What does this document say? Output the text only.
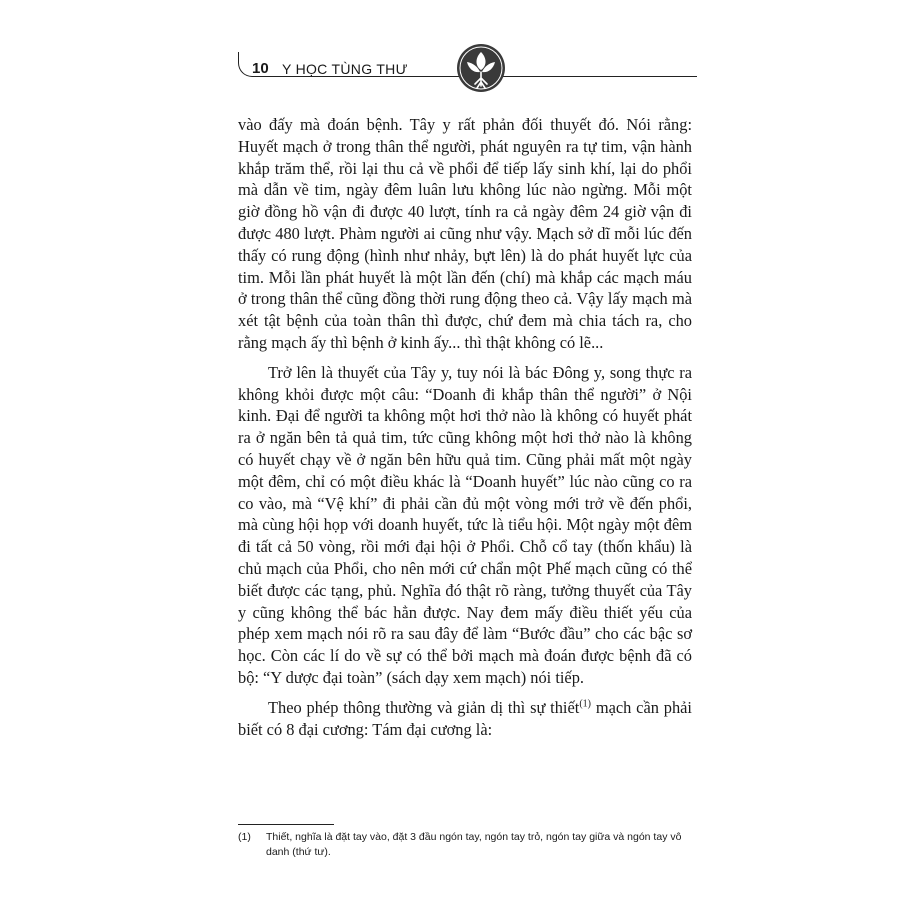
10 Y HỌC TÙNG THƯ

vào đấy mà đoán bệnh. Tây y rất phản đối thuyết đó. Nói rằng: Huyết mạch ở trong thân thể người, phát nguyên ra tự tim, vận hành khắp trăm thể, rồi lại thu cả về phổi để tiếp lấy sinh khí, lại do phổi mà dẫn về tim, ngày đêm luân lưu không lúc nào ngừng. Mỗi một giờ đồng hồ vận đi được 40 lượt, tính ra cả ngày đêm 24 giờ vận đi được 480 lượt. Phàm người ai cũng như vậy. Mạch sở dĩ mỗi lúc đến thấy có rung động (hình như nhảy, bựt lên) là do phát huyết lực của tim. Mỗi lần phát huyết là một lần đến (chí) mà khắp các mạch máu ở trong thân thể cũng đồng thời rung động theo cả. Vậy lấy mạch mà xét tật bệnh của toàn thân thì được, chứ đem mà chia tách ra, cho rằng mạch ấy thì bệnh ở kinh ấy... thì thật không có lẽ...

Trở lên là thuyết của Tây y, tuy nói là bác Đông y, song thực ra không khỏi được một câu: “Doanh đi khắp thân thể người” ở Nội kinh. Đại để người ta không một hơi thở nào là không có huyết phát ra ở ngăn bên tả quả tim, tức cũng không một hơi thở nào là không có huyết chạy về ở ngăn bên hữu quả tim. Cũng phải mất một ngày một đêm, chỉ có một điều khác là “Doanh huyết” lúc nào cũng co ra co vào, mà “Vệ khí” đi phải cần đủ một vòng mới trở về đến phổi, mà cùng hội họp với doanh huyết, tức là tiểu hội. Một ngày một đêm đi tất cả 50 vòng, rồi mới đại hội ở Phổi. Chỗ cổ tay (thốn khẩu) là chủ mạch của Phổi, cho nên mới cứ chẩn một Phế mạch cũng có thể biết được các tạng, phủ. Nghĩa đó thật rõ ràng, tưởng thuyết của Tây y cũng không thể bác hẳn được. Nay đem mấy điều thiết yếu của phép xem mạch nói rõ ra sau đây để làm “Bước đầu” cho các bậc sơ học. Còn các lí do về sự có thể bởi mạch mà đoán được bệnh đã có bộ: “Y dược đại toàn” (sách dạy xem mạch) nói tiếp.

Theo phép thông thường và giản dị thì sự thiết$^{(1)}$ mạch cần phải biết có 8 đại cương: Tám đại cương là:

(1)	Thiết, nghĩa là đặt tay vào, đặt 3 đầu ngón tay, ngón tay trỏ, ngón tay giữa và ngón tay vô danh (thứ tư).
